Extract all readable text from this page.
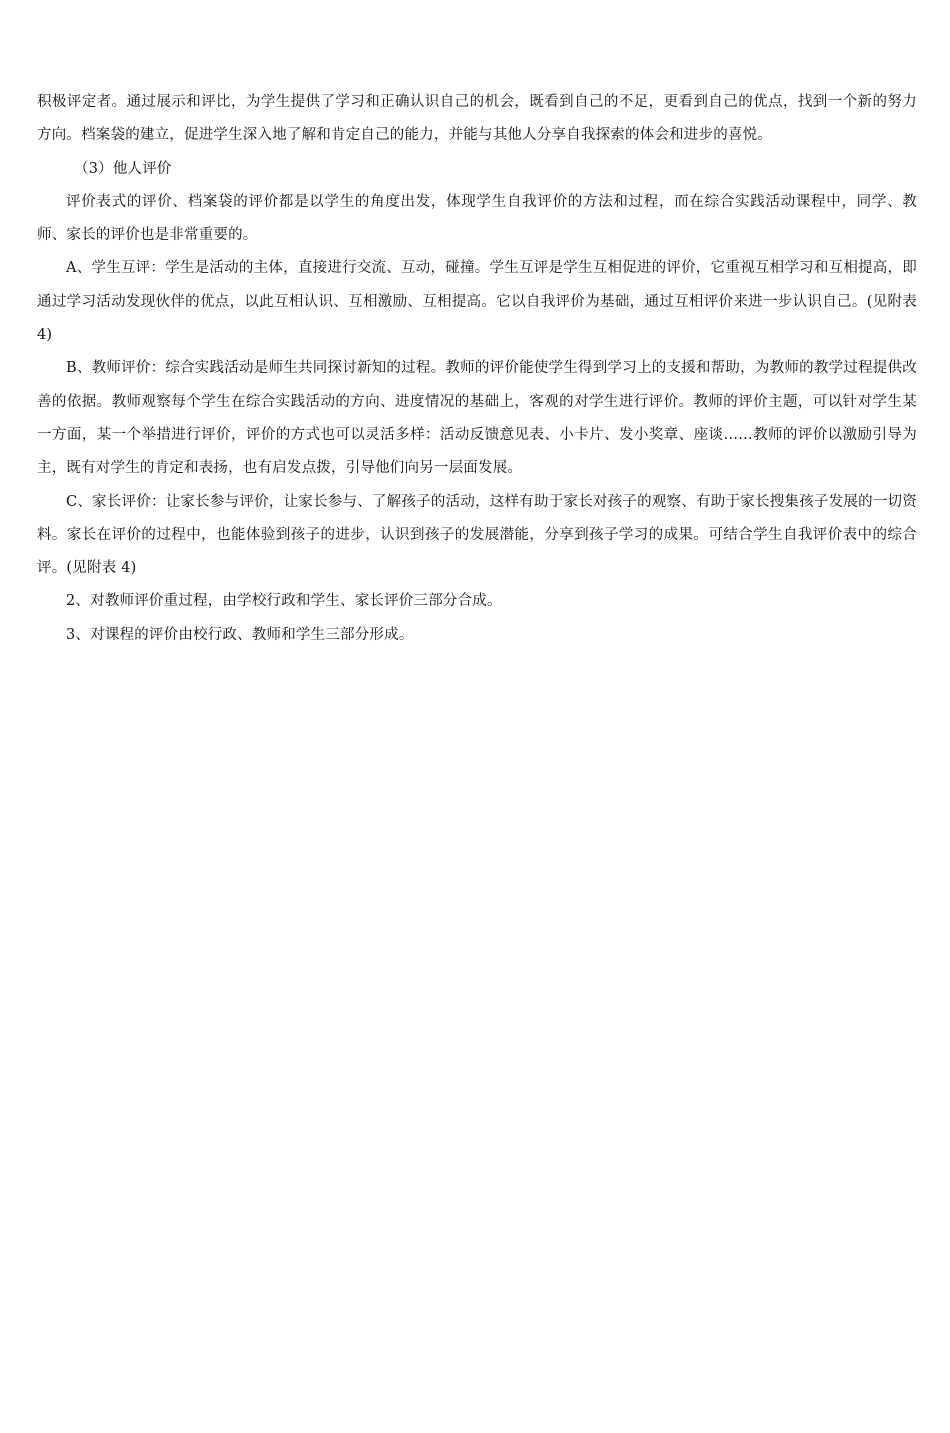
积极评定者。通过展示和评比，为学生提供了学习和正确认识自己的机会，既看到自己的不足，更看到自己的优点，找到一个新的努力方向。档案袋的建立，促进学生深入地了解和肯定自己的能力，并能与其他人分享自我探索的体会和进步的喜悦。

（3）他人评价

评价表式的评价、档案袋的评价都是以学生的角度出发，体现学生自我评价的方法和过程，而在综合实践活动课程中，同学、教师、家长的评价也是非常重要的。

A、学生互评：学生是活动的主体，直接进行交流、互动，碰撞。学生互评是学生互相促进的评价，它重视互相学习和互相提高，即通过学习活动发现伙伴的优点，以此互相认识、互相激励、互相提高。它以自我评价为基础，通过互相评价来进一步认识自己。(见附表 4)

B、教师评价：综合实践活动是师生共同探讨新知的过程。教师的评价能使学生得到学习上的支援和帮助，为教师的教学过程提供改善的依据。教师观察每个学生在综合实践活动的方向、进度情况的基础上，客观的对学生进行评价。教师的评价主题，可以针对学生某一方面，某一个举措进行评价，评价的方式也可以灵活多样：活动反馈意见表、小卡片、发小奖章、座谈……教师的评价以激励引导为主，既有对学生的肯定和表扬，也有启发点拨，引导他们向另一层面发展。

C、家长评价：让家长参与评价，让家长参与、了解孩子的活动，这样有助于家长对孩子的观察、有助于家长搜集孩子发展的一切资料。家长在评价的过程中，也能体验到孩子的进步，认识到孩子的发展潜能，分享到孩子学习的成果。可结合学生自我评价表中的综合评。(见附表 4)

2、对教师评价重过程，由学校行政和学生、家长评价三部分合成。

3、对课程的评价由校行政、教师和学生三部分形成。
